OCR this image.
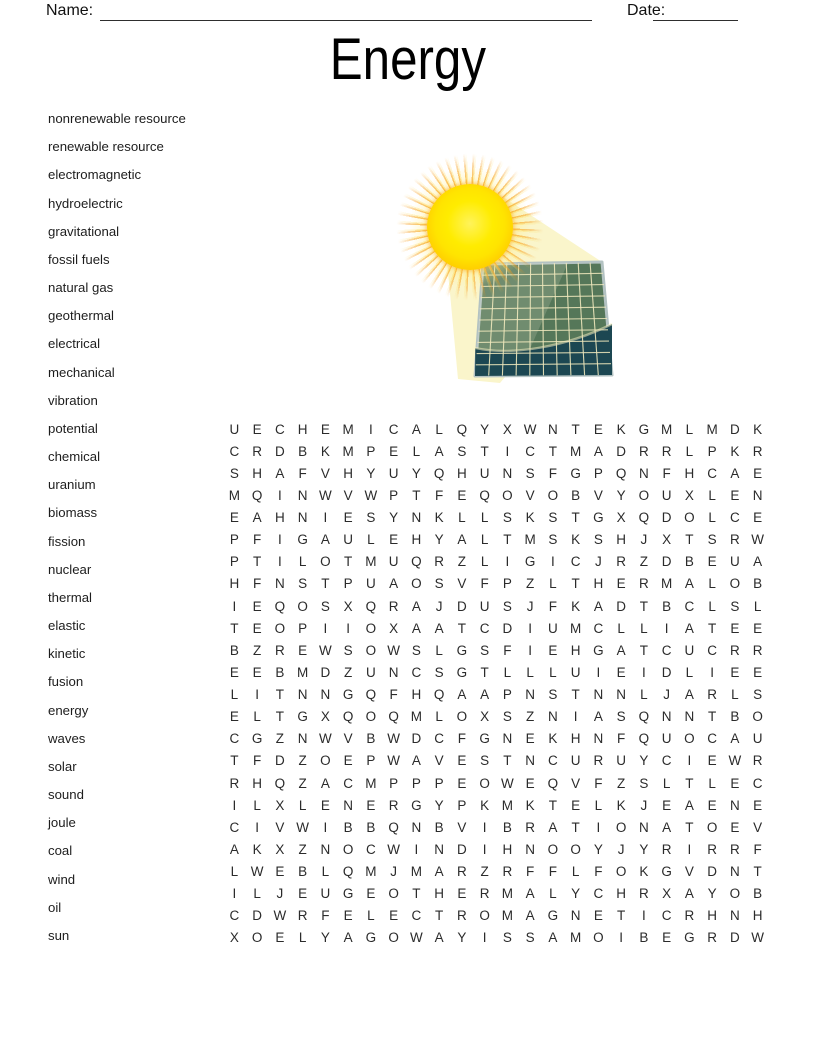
Name:	Date:
Energy
nonrenewable resource
renewable resource
electromagnetic
hydroelectric
gravitational
fossil fuels
natural gas
geothermal
electrical
mechanical
vibration
potential
chemical
uranium
biomass
fission
nuclear
thermal
elastic
kinetic
fusion
energy
waves
solar
sound
joule
coal
wind
oil
sun
U E C H E M	I	C A	L	Q Y	X W N	T	E	K G M L M D K
C R D B	K M P	E	L	A	S	T	I	C	T M A D R R	L	P	K R
S H A	F	V H Y U Y Q H U N S	F G P Q N	F	H C A	E
M Q	I	N W V W P	T	F	E Q O V O B	V	Y O U X	L	E N
E	A H N	I	E	S	Y N K	L	L	S	K	S	T G X Q D O	L	C E
P	F	I	G A U	L	E H Y	A	L	T M S	K	S H	J	X	T	S R W
P	T	I	L	O T M U Q R	Z	L	I	G	I	C	J	R	Z	D B	E U A
H	F	N S	T	P U A O S	V	F	P	Z	L	T	H E R M A	L	O B
I	E Q O S	X Q R A	J	D U S	J	F	K	A D	T	B C	L	S	L
T	E O P	I	I	O X	A	A	T	C D	I	U M C	L	L	I	A	T	E	E
B	Z	R E W S O W S	L	G S	F	I	E H G A	T	C U C R R
E	E	B M D	Z	U N C S G T	L	L	L	U	I	E	I	D	L	I	E	E
L	I	T	N N G Q F	H Q A	A	P N S	T	N N	L	J	A R	L	S
E	L	T G X Q O Q M L	O X	S	Z	N	I	A	S Q N N	T	B O
C G Z	N W V	B W D C	F G N E	K H N	F Q U O C A U
T	F	D	Z O E	P W A	V	E	S	T	N C U R U Y C	I	E W R
R H Q Z	A C M P	P	P	E O W E Q V	F	Z	S	L	T	L	E C
I	L	X	L	E N E R G Y	P	K M K	T	E	L	K	J	E	A	E N E
C	I	V W	I	B	B Q N B	V	I	B R A	T	I	O N A	T O E	V
A	K	X	Z	N O C W	I	N D	I	H N O O Y	J	Y R	I	R R	F
L W E	B	L	Q M	J	M A R	Z	R	F	F	L	F O K G V D N	T
I	L	J	E U G E O T	H E R M A	L	Y C H R X	A	Y O B
C D W R	F	E	L	E C	T	R O M A G N E	T	I	C R H N H
X O E	L	Y	A G O W A	Y	I	S	S	A M O	I	B	E G R D W
